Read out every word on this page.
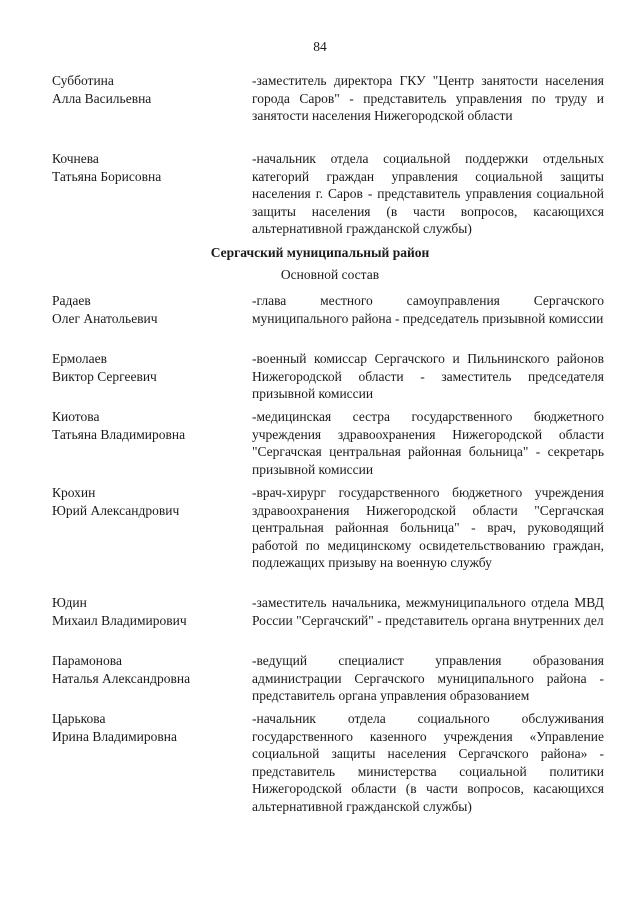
84
Субботина
Алла Васильевна
-заместитель директора ГКУ "Центр занятости населения города Саров" - представитель управления по труду и занятости населения Нижегородской области
Кочнева
Татьяна Борисовна
-начальник отдела социальной поддержки отдельных категорий граждан управления социальной защиты населения г. Саров - представитель управления социальной защиты населения (в части вопросов, касающихся альтернативной гражданской службы)
Сергачский муниципальный район
Основной состав
Радаев
Олег Анатольевич
-глава местного самоуправления Сергачского муниципального района - председатель призывной комиссии
Ермолаев
Виктор Сергеевич
-военный комиссар Сергачского и Пильнинского районов Нижегородской области - заместитель председателя призывной комиссии
Киотова
Татьяна Владимировна
-медицинская сестра государственного бюджетного учреждения здравоохранения Нижегородской области "Сергачская центральная районная больница" - секретарь призывной комиссии
Крохин
Юрий Александрович
-врач-хирург государственного бюджетного учреждения здравоохранения Нижегородской области "Сергачская центральная районная больница" - врач, руководящий работой по медицинскому освидетельствованию граждан, подлежащих призыву на военную службу
Юдин
Михаил Владимирович
-заместитель начальника, межмуниципального отдела МВД России "Сергачский" - представитель органа внутренних дел
Парамонова
Наталья Александровна
-ведущий специалист управления образования администрации Сергачского муниципального района - представитель органа управления образованием
Царькова
Ирина Владимировна
-начальник отдела социального обслуживания государственного казенного учреждения «Управление социальной защиты населения Сергачского района» - представитель министерства социальной политики Нижегородской области (в части вопросов, касающихся альтернативной гражданской службы)
